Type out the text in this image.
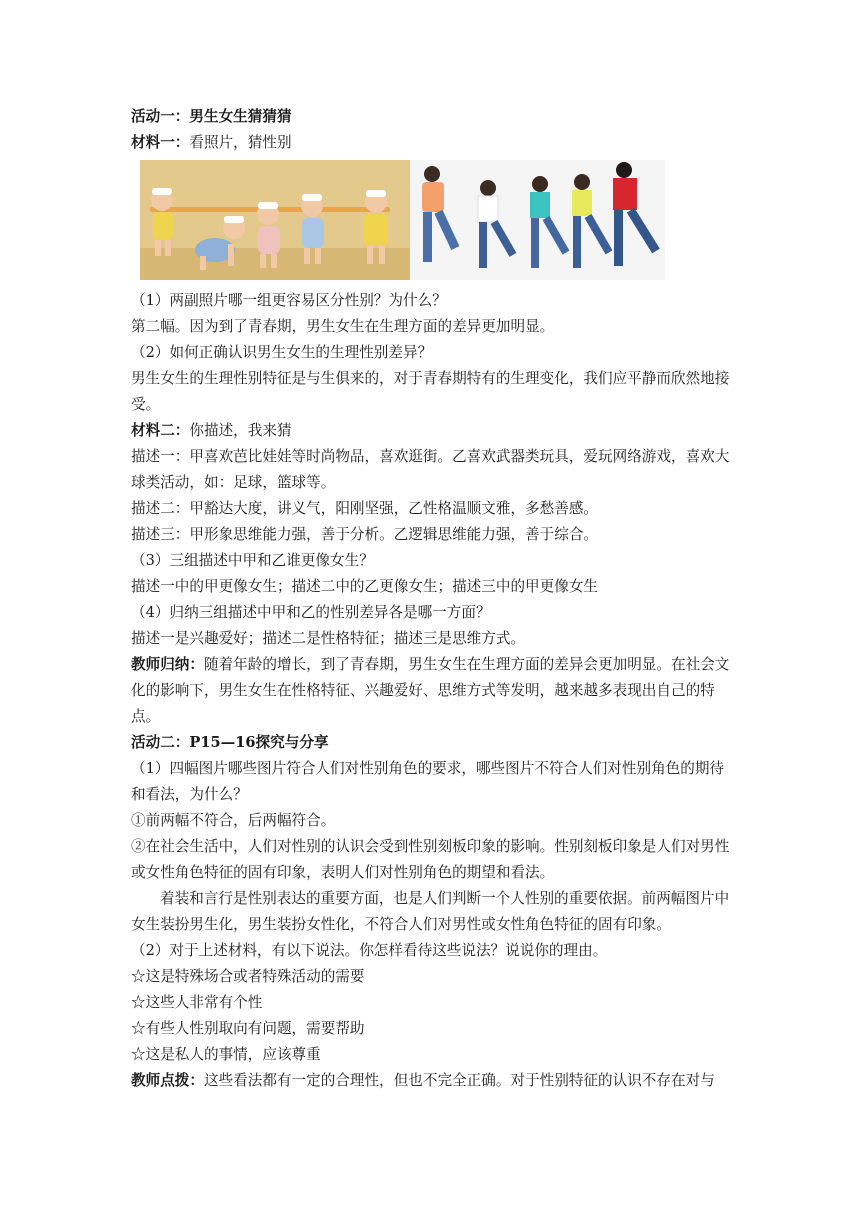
活动一：男生女生猜猜猜
材料一：看照片，猜性别
（1）两副照片哪一组更容易区分性别？为什么？
第二幅。因为到了青春期，男生女生在生理方面的差异更加明显。
（2）如何正确认识男生女生的生理性别差异？
男生女生的生理性别特征是与生俱来的，对于青春期特有的生理变化，我们应平静而欣然地接受。
材料二：你描述，我来猜
描述一：甲喜欢芭比娃娃等时尚物品，喜欢逛街。乙喜欢武器类玩具，爱玩网络游戏，喜欢大球类活动，如：足球，篮球等。
描述二：甲豁达大度，讲义气，阳刚坚强，乙性格温顺文雅，多愁善感。
描述三：甲形象思维能力强，善于分析。乙逻辑思维能力强，善于综合。
（3）三组描述中甲和乙谁更像女生？
描述一中的甲更像女生；描述二中的乙更像女生；描述三中的甲更像女生
（4）归纳三组描述中甲和乙的性别差异各是哪一方面？
描述一是兴趣爱好；描述二是性格特征；描述三是思维方式。
教师归纳：随着年龄的增长，到了青春期，男生女生在生理方面的差异会更加明显。在社会文化的影响下，男生女生在性格特征、兴趣爱好、思维方式等发明，越来越多表现出自己的特点。
活动二：P15—16探究与分享
（1）四幅图片哪些图片符合人们对性别角色的要求，哪些图片不符合人们对性别角色的期待和看法，为什么？
①前两幅不符合，后两幅符合。
②在社会生活中，人们对性别的认识会受到性别刻板印象的影响。性别刻板印象是人们对男性或女性角色特征的固有印象，表明人们对性别角色的期望和看法。
着装和言行是性别表达的重要方面，也是人们判断一个人性别的重要依据。前两幅图片中女生装扮男生化，男生装扮女性化，不符合人们对男性或女性角色特征的固有印象。
（2）对于上述材料，有以下说法。你怎样看待这些说法？说说你的理由。
☆这是特殊场合或者特殊活动的需要
☆这些人非常有个性
☆有些人性别取向有问题，需要帮助
☆这是私人的事情，应该尊重
教师点拨：这些看法都有一定的合理性，但也不完全正确。对于性别特征的认识不存在对与
